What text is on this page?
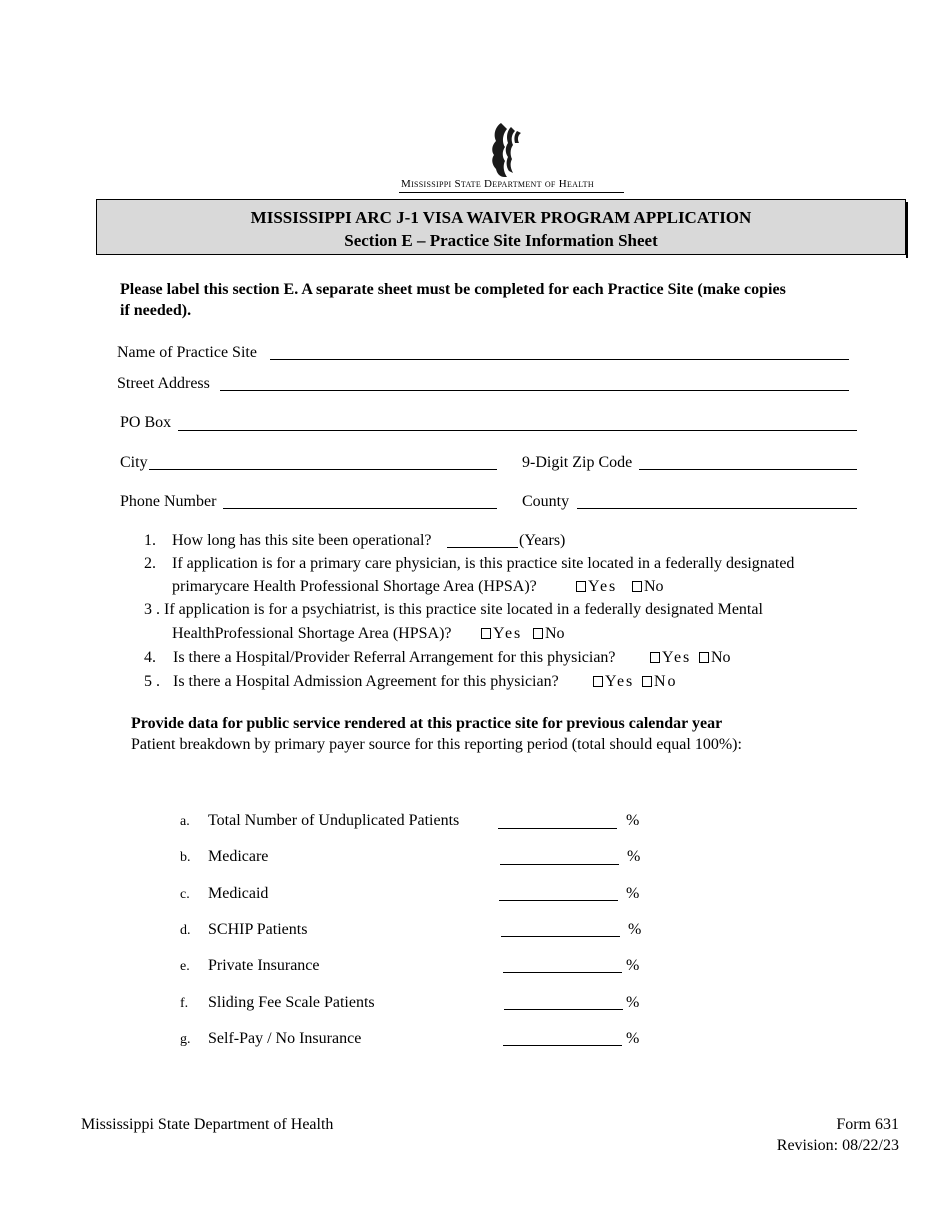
Mississippi State Department of Health
MISSISSIPPI ARC J-1 VISA WAIVER PROGRAM APPLICATION
Section E – Practice Site Information Sheet
Please label this section E. A separate sheet must be completed for each Practice Site (make copies
if needed).
Name of Practice Site
Street Address
PO Box
City	9-Digit Zip Code
Phone Number	County
1. How long has this site been operational?	(Years)
2. If application is for a primary care physician, is this practice site located in a federally designated
primarycare Health Professional Shortage Area (HPSA)?	Yes	No
3 . If application is for a psychiatrist, is this practice site located in a federally designated Mental
HealthProfessional Shortage Area (HPSA)?	Yes	No
4. Is there a Hospital/Provider Referral Arrangement for this physician?	Yes	No
5 . Is there a Hospital Admission Agreement for this physician?	Yes	No
Provide data for public service rendered at this practice site for previous calendar year
Patient breakdown by primary payer source for this reporting period (total should equal 100%):
a. Total Number of Unduplicated Patients	%
b. Medicare	%
c. Medicaid	%
d. SCHIP Patients	%
e. Private Insurance	%
f. Sliding Fee Scale Patients	%
g. Self-Pay / No Insurance	%
Mississippi State Department of Health	Form 631
Revision: 08/22/23
